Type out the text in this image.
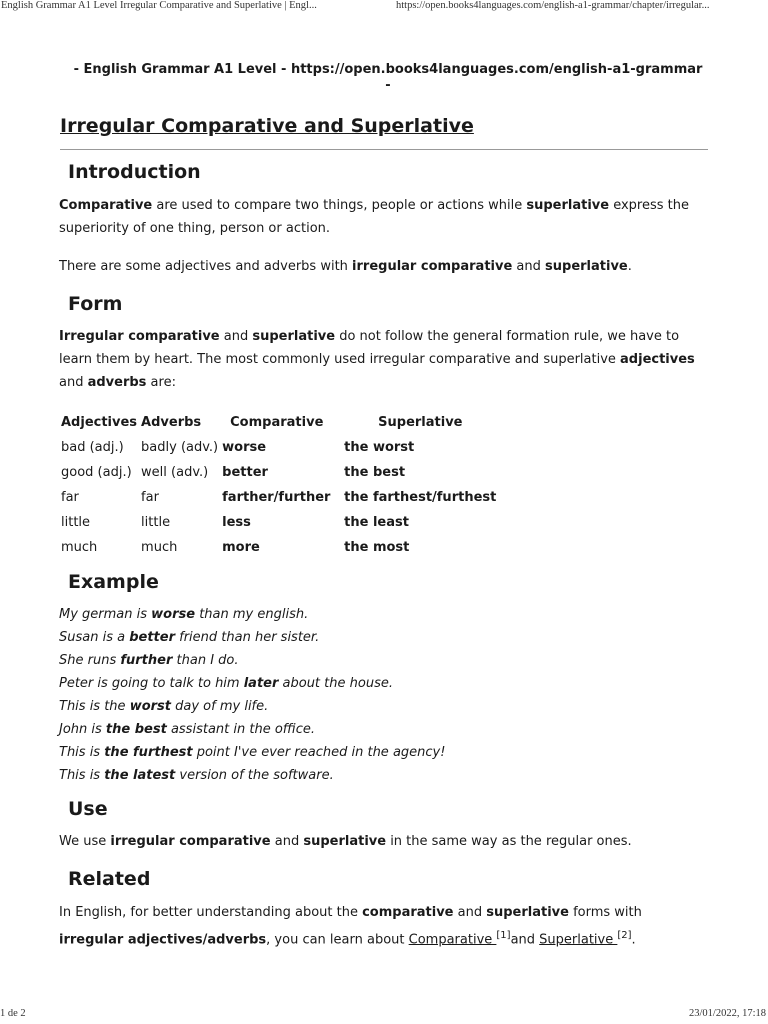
English Grammar A1 Level Irregular Comparative and Superlative | Engl...	https://open.books4languages.com/english-a1-grammar/chapter/irregular...
- English Grammar A1 Level - https://open.books4languages.com/english-a1-grammar
-
Irregular Comparative and Superlative
Introduction

Comparative are used to compare two things, people or actions while superlative express the superiority of one thing, person or action.

There are some adjectives and adverbs with irregular comparative and superlative.

Form

Irregular comparative and superlative do not follow the general formation rule, we have to learn them by heart. The most commonly used irregular comparative and superlative adjectives and adverbs are:

Adjectives	Adverbs	Comparative	Superlative
bad (adj.)	badly (adv.)	worse	the worst
good (adj.)	well (adv.)	better	the best
far	far	farther/further	the farthest/furthest
little	little	less	the least
much	much	more	the most
Example
My german is worse than my english.
Susan is a better friend than her sister.
She runs further than I do.
Peter is going to talk to him later about the house.
This is the worst day of my life.
John is the best assistant in the office.
This is the furthest point I've ever reached in the agency!
This is the latest version of the software.
Use

We use irregular comparative and superlative in the same way as the regular ones.

Related

In English, for better understanding about the comparative and superlative forms with irregular adjectives/adverbs, you can learn about Comparative [1]and Superlative [2].

1 de 2	23/01/2022, 17:18
